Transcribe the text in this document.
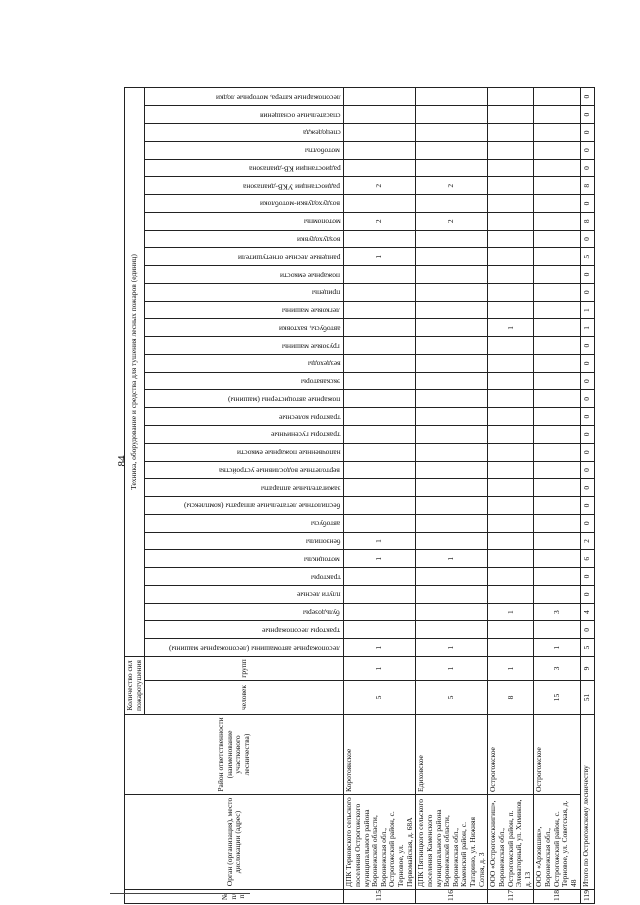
84
№ п/п	Орган (организация), место дислокации (адрес)	Район ответственности (наименование участкового лесничества)	Количество сил пожаротушения		Техника, оборудование и средства для тушения лесных пожаров (единиц)																															
			человек	групп	лесопожарные автомашины (лесопожарные машины)	тракторы лесопожарные	бульдозеры	плуги лесные	тракторы	мотоциклы	бензопилы	автобусы	беспилотные летательные аппараты (комплексы)	зажигательные аппараты	вертолетные водосливные устройства	напочвенные пожарные емкости	тракторы гусеничные	тракторы колесные	пожарные автоцистерны (машины)	экскаваторы	вездеходы	грузовые машины	автобусы, вахтовки	легковые машины	прицепы	пожарные емкости	ранцевые лесные огнетушители	воздуходувки	мотопомпы	воздуходувки-мотоблоки	радиостанции УКВ-диапазона	радиостанции КВ-диапазона	мотоболты	спецодежда	спасательные оснащения	лесопожарные катера, моторные лодки

115	ДПК Терновского сельского поселения Острогожского муниципального района Воронежской области, Воронежская обл., Острогожский район, с. Терновое, ул. Первомайская, д. 68А	Коротоякское	5	1	1					1	1																1		2		2					
116	ДПК Пятницкого сельского поселения Каменского муниципального района Воронежской области, Воронежская обл., Каменский район, с. Татарино, ул. Нижняя Сотня, д. 3	Едиховское	5	1	1					1																			2		2					
117	ООО «Острогожскнигиш», Воронежская обл., Острогожский район, п. Элеваторный, ул. Химиков, д. 13	Острогожское	8	1			1																1													
118	ООО «Арзовшик», Воронежская обл., Острогожский район, с. Терновое, ул. Советская, д. 48	Острогожское	15	3	1		3																													
119	Итого по Острогожскому лесничеству		51	9	5	0	4	0	0	6	2	0	0	0	0	0	0	0	0	0	0	0	1	1	0	0	5	0	8	0	8	0	0	0	0	0
